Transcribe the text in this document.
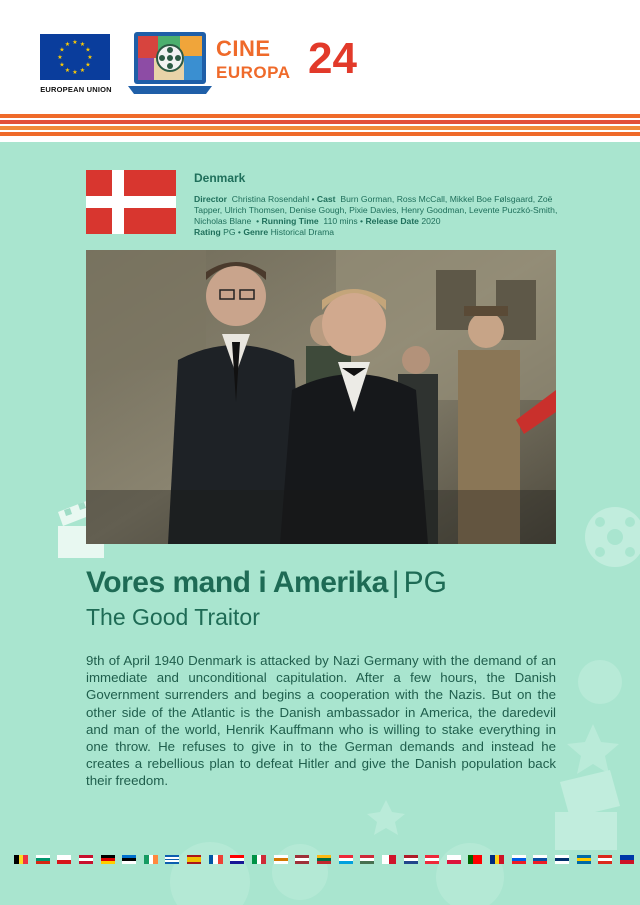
★ ★
★
★
★
★
★
★
★
★
★
★
EUROPEAN UNION
CINE
EUROPA 24
Denmark
Director Christina Rosendahl • Cast Burn Gorman, Ross McCall, Mikkel Boe Følsgaard, Zoë Tapper, Ulrich Thomsen, Denise Gough, Pixie Davies, Henry Goodman, Levente Puczkó-Smith, Nicholas Blane  • Running Time 110 mins • Release Date 2020
Rating PG • Genre Historical Drama
Vores mand i Amerika | PG
The Good Traitor
9th of April 1940 Denmark is attacked by Nazi Germany with the demand of an immediate and unconditional capitulation. After a few hours, the Danish Government surrenders and begins a cooperation with the Nazis. But on the other side of the Atlantic is the Danish ambassador in America, the daredevil and man of the world, Henrik Kauffmann who is willing to stake everything in one throw. He refuses to give in to the German demands and instead he creates a rebellious plan to defeat Hitler and give the Danish population back their freedom.
